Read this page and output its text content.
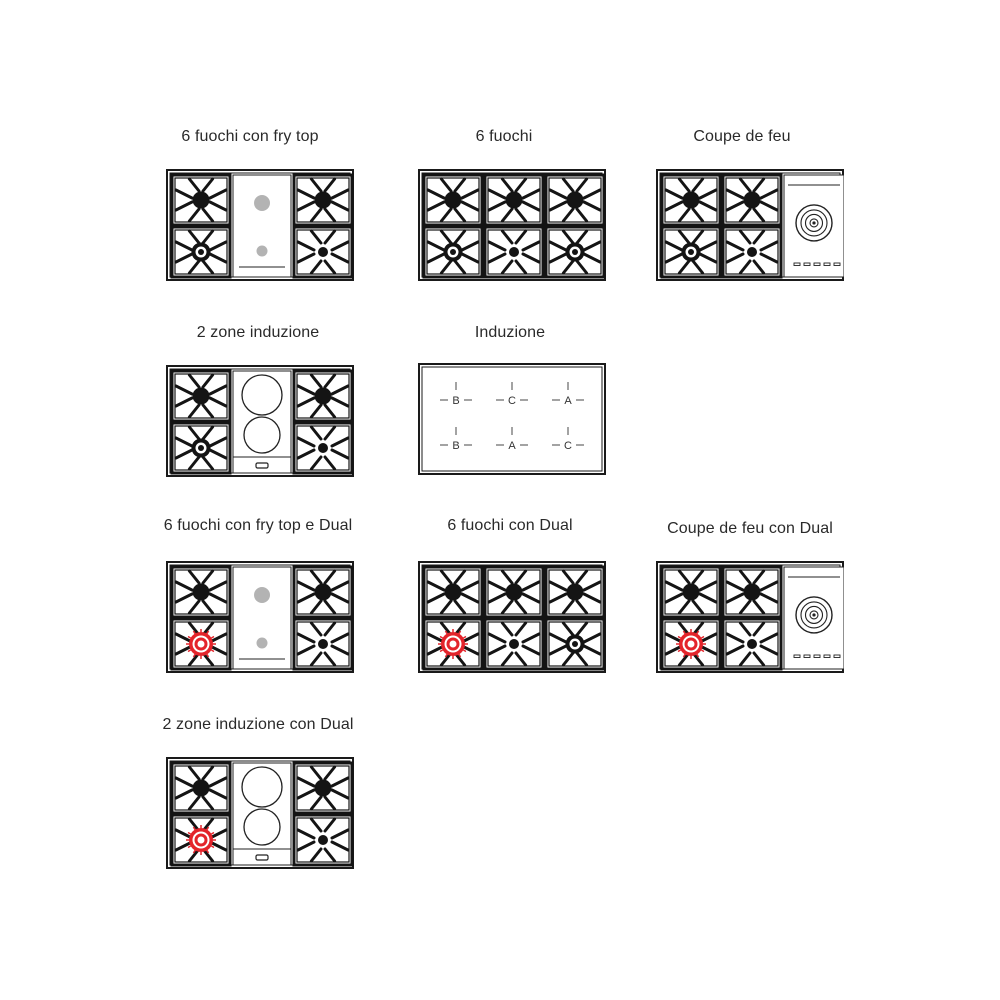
6 fuochi con fry top	6 fuochi	Coupe de feu
2 zone induzione	Induzione
6 fuochi con fry top e Dual	6 fuochi con Dual	Coupe de feu con Dual
2 zone induzione con Dual
B	C	A
B	A	C
